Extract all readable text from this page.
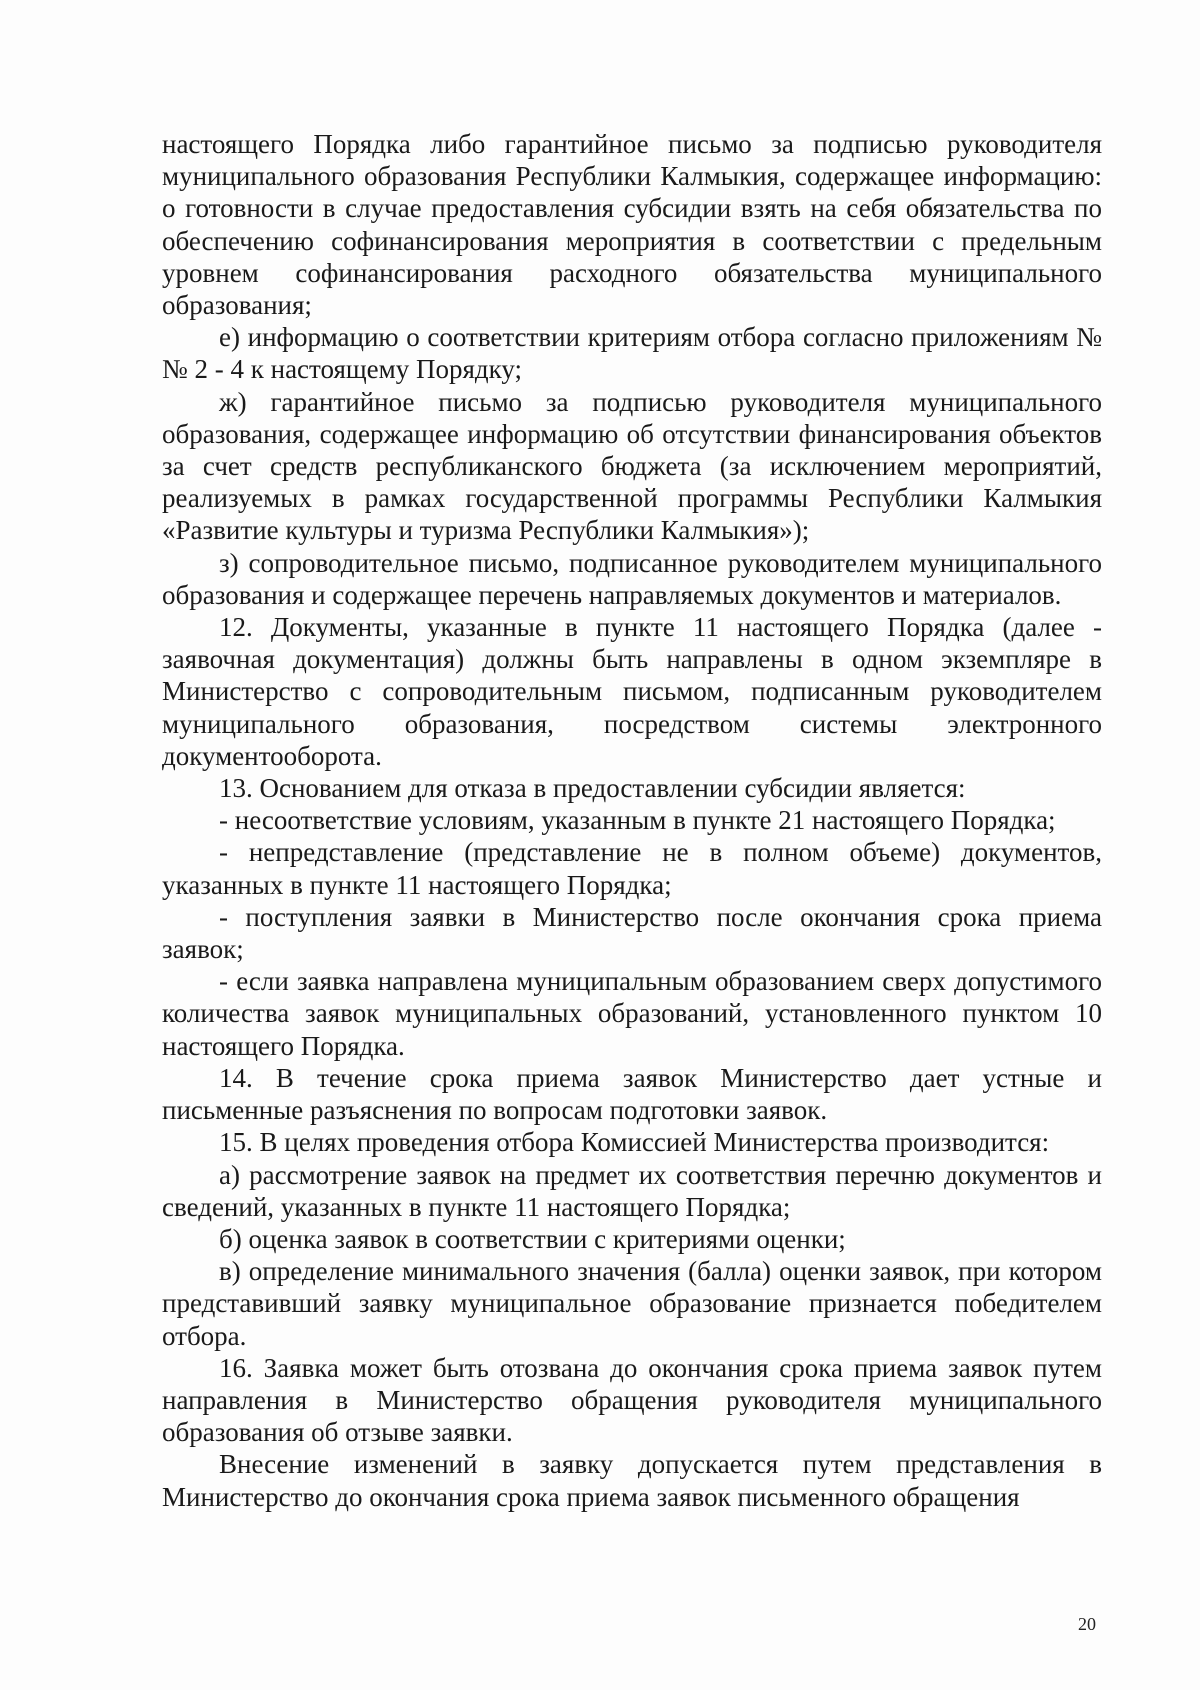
настоящего Порядка либо гарантийное письмо за подписью руководителя муниципального образования Республики Калмыкия, содержащее информацию: о готовности в случае предоставления субсидии взять на себя обязательства по обеспечению софинансирования мероприятия в соответствии с предельным уровнем софинансирования расходного обязательства муниципального образования;

е) информацию о соответствии критериям отбора согласно приложениям №№ 2 - 4 к настоящему Порядку;

ж) гарантийное письмо за подписью руководителя муниципального образования, содержащее информацию об отсутствии финансирования объектов за счет средств республиканского бюджета (за исключением мероприятий, реализуемых в рамках государственной программы Республики Калмыкия «Развитие культуры и туризма Республики Калмыкия»);

з) сопроводительное письмо, подписанное руководителем муниципального образования и содержащее перечень направляемых документов и материалов.

12. Документы, указанные в пункте 11 настоящего Порядка (далее - заявочная документация) должны быть направлены в одном экземпляре в Министерство с сопроводительным письмом, подписанным руководителем муниципального образования, посредством системы электронного документооборота.

13. Основанием для отказа в предоставлении субсидии является:

- несоответствие условиям, указанным в пункте 21 настоящего Порядка;

- непредставление (представление не в полном объеме) документов, указанных в пункте 11 настоящего Порядка;

- поступления заявки в Министерство после окончания срока приема заявок;

- если заявка направлена муниципальным образованием сверх допустимого количества заявок муниципальных образований, установленного пунктом 10 настоящего Порядка.

14. В течение срока приема заявок Министерство дает устные и письменные разъяснения по вопросам подготовки заявок.

15. В целях проведения отбора Комиссией Министерства производится:

а) рассмотрение заявок на предмет их соответствия перечню документов и сведений, указанных в пункте 11 настоящего Порядка;

б) оценка заявок в соответствии с критериями оценки;

в) определение минимального значения (балла) оценки заявок, при котором представивший заявку муниципальное образование признается победителем отбора.

16. Заявка может быть отозвана до окончания срока приема заявок путем направления в Министерство обращения руководителя муниципального образования об отзыве заявки.

Внесение изменений в заявку допускается путем представления в Министерство до окончания срока приема заявок письменного обращения

20
